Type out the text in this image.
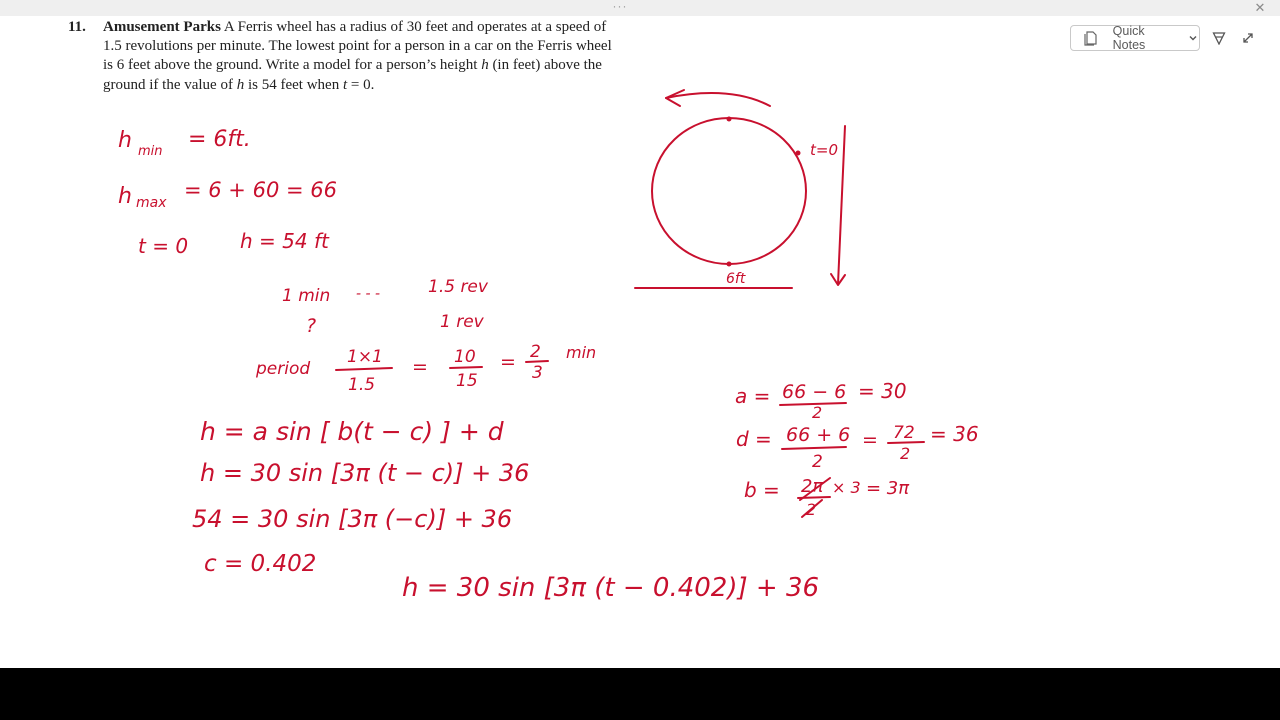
···	✕
11. Amusement Parks A Ferris wheel has a radius of 30 feet and operates at a speed of
1.5 revolutions per minute. The lowest point for a person in a car on the Ferris wheel
is 6 feet above the ground. Write a model for a person’s height h (in feet) above the
ground if the value of h is 54 feet when t = 0.
Quick Notes
h min = 6ft.
h max
= 6 + 60 = 66
t = 0	h = 54 ft
1 min - - -	1.5 rev
?	1 rev
period
1×1
1.5
= 10
15
= 2
3
min
h = a sin [ b(t − c) ] + d
h = 30 sin [3π (t − c)] + 36
54 = 30 sin [3π (−c)] + 36
c = 0.402
h = 30 sin [3π (t − 0.402)] + 36
a = 66 − 6
2
= 30
d = 66 + 6
2
= 72
2
= 36
b = 2π
2
× 3 = 3π
t=0
6ft
